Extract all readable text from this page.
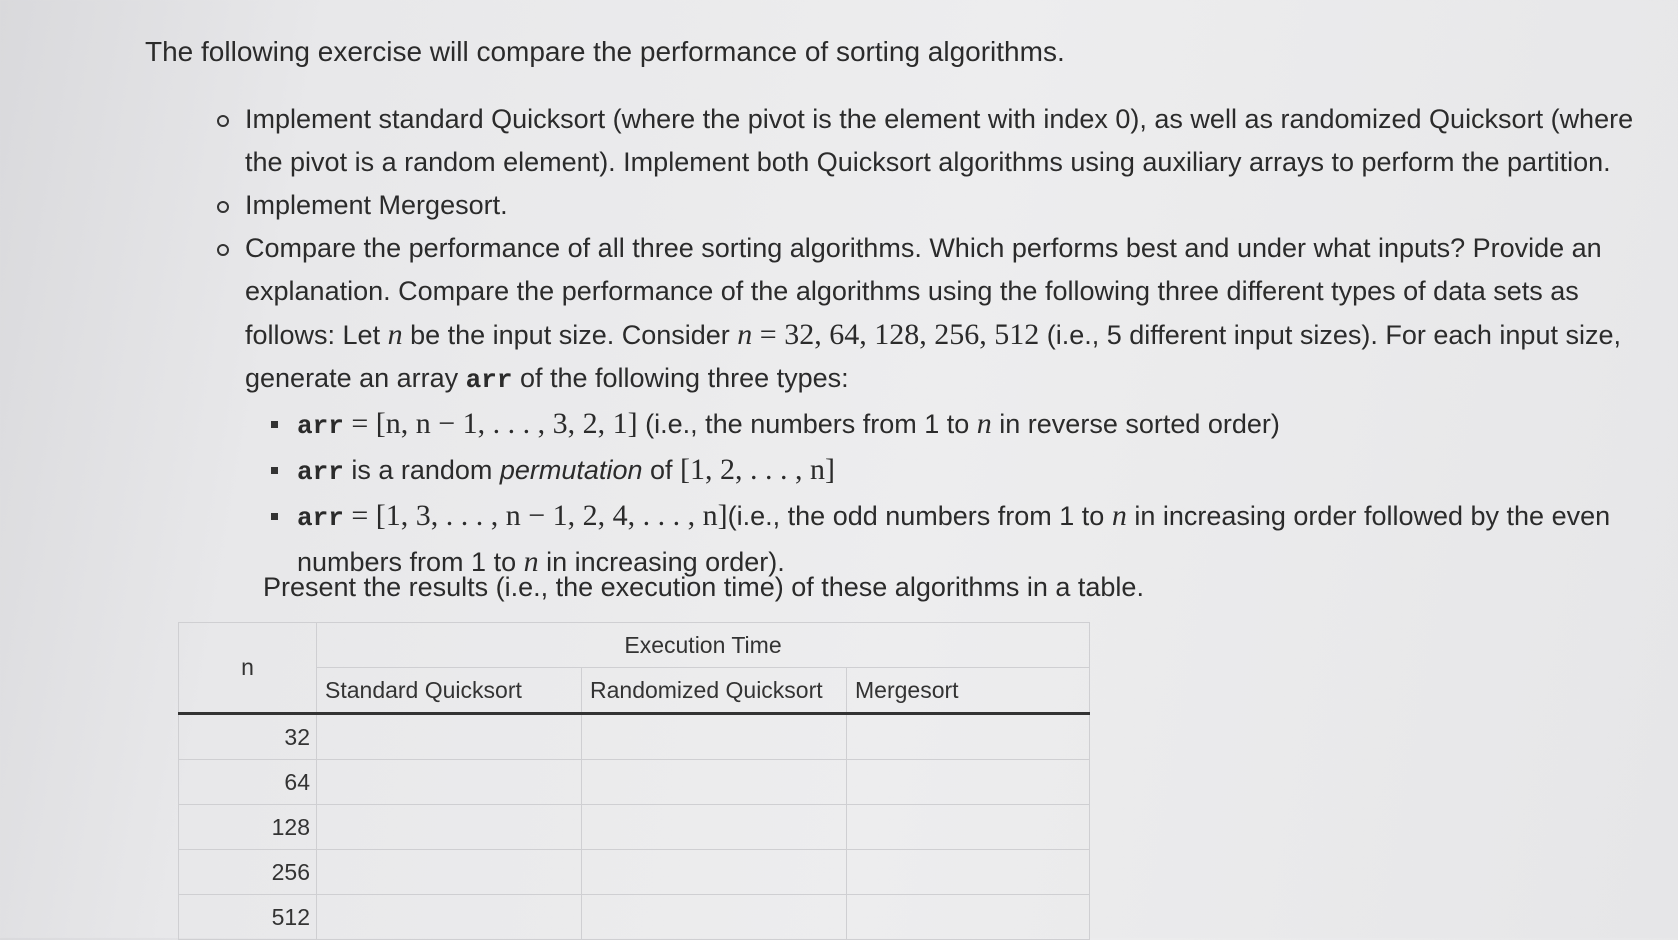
The following exercise will compare the performance of sorting algorithms.
Implement standard Quicksort (where the pivot is the element with index 0), as well as randomized Quicksort (where the pivot is a random element). Implement both Quicksort algorithms using auxiliary arrays to perform the partition.
Implement Mergesort.
Compare the performance of all three sorting algorithms. Which performs best and under what inputs? Provide an explanation. Compare the performance of the algorithms using the following three different types of data sets as follows: Let n be the input size. Consider n = 32, 64, 128, 256, 512 (i.e., 5 different input sizes). For each input size, generate an array arr of the following three types:
arr = [n, n − 1, . . . , 3, 2, 1] (i.e., the numbers from 1 to n in reverse sorted order)
arr is a random permutation of [1, 2, . . . , n]
arr = [1, 3, . . . , n − 1, 2, 4, . . . , n](i.e., the odd numbers from 1 to n in increasing order followed by the even numbers from 1 to n in increasing order).
Present the results (i.e., the execution time) of these algorithms in a table.
n	Execution Time		
	Standard Quicksort	Randomized Quicksort	Mergesort
32			
64			
128			
256			
512			
